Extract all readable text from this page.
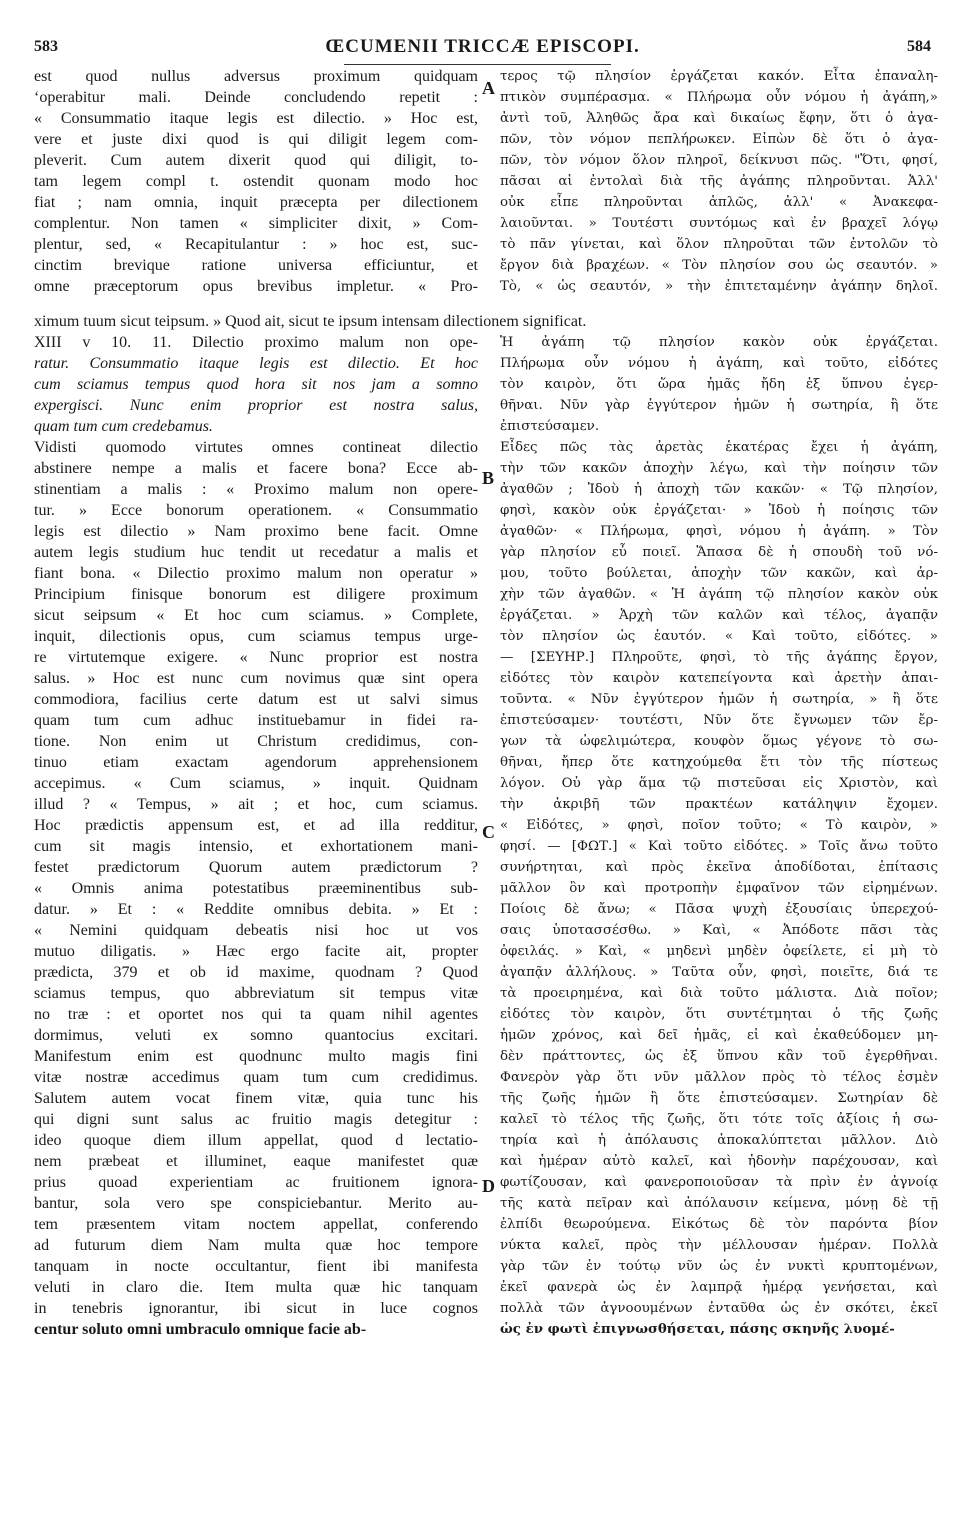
583	ŒCUMENII TRICCÆ EPISCOPI.	584
A
B
C
D
est quod nullus adversus proximum quidquam
‘operabitur mali. Deinde concludendo repetit :
« Consummatio itaque legis est dilectio. » Hoc est,
vere et juste dixi quod is qui diligit legem com-
pleverit. Cum autem dixerit quod qui diligit, to-
tam legem compl t. ostendit quonam modo hoc
fiat ; nam omnia, inquit præcepta per dilectionem
complentur. Non tamen « simpliciter dixit, » Com-
plentur, sed, « Recapitulantur : » hoc est, suc-
cinctim brevique ratione universa efficiuntur, et
omne præceptorum opus brevibus impletur. « Pro-
τερος τῷ πλησίον ἐργάζεται κακόν. Εἶτα ἐπαναλη-
πτικὸν συμπέρασμα. « Πλήρωμα οὖν νόμου ἡ ἀγάπη,»
ἀντὶ τοῦ, Ἀληθῶς ἄρα καὶ δικαίως ἔφην, ὅτι ὁ ἀγα-
πῶν, τὸν νόμον πεπλήρωκεν. Εἰπὼν δὲ ὅτι ὁ ἀγα-
πῶν, τὸν νόμον ὅλον πληροῖ, δείκνυσι πῶς. "Ὅτι, φησί,
πᾶσαι αἱ ἐντολαὶ διὰ τῆς ἀγάπης πληροῦνται. Ἀλλ'
οὐκ εἶπε πληροῦνται ἁπλῶς, ἀλλ' « Ἀνακεφα-
λαιοῦνται. » Τουτέστι συντόμως καὶ ἐν βραχεῖ λόγῳ
τὸ πᾶν γίνεται, καὶ ὅλον πληροῦται τῶν ἐντολῶν τὸ
ἔργον διὰ βραχέων. « Τὸν πλησίον σου ὡς σεαυτόν. »
Τὸ, « ὡς σεαυτόν, » τὴν ἐπιτεταμένην ἀγάπην δηλοῖ.
ximum tuum sicut teipsum. » Quod ait, sicut te ipsum intensam dilectionem significat.
XIII v 10. 11. Dilectio proximo malum non ope-
ratur. Consummatio itaque legis est dilectio. Et hoc
cum sciamus tempus quod hora sit nos jam a somno
expergisci. Nunc enim proprior est nostra salus,
quam tum cum credebamus.
Vidisti quomodo virtutes omnes contineat dilectio
abstinere nempe a malis et facere bona? Ecce ab-
stinentiam a malis : « Proximo malum non opere-
tur. » Ecce bonorum operationem. « Consummatio
legis est dilectio » Nam proximo bene facit. Omne
autem legis studium huc tendit ut recedatur a malis et
fiant bona. « Dilectio proximo malum non operatur »
Principium finisque bonorum est diligere proximum
sicut seipsum « Et hoc cum sciamus. » Complete,
inquit, dilectionis opus, cum sciamus tempus urge-
re virtutemque exigere. « Nunc proprior est nostra
salus. » Hoc est nunc cum novimus quæ sint opera
commodiora, facilius certe datum est ut salvi simus
quam tum cum adhuc instituebamur in fidei ra-
tione. Non enim ut Christum credidimus, con-
tinuo etiam exactam agendorum apprehensionem
accepimus. « Cum sciamus, » inquit. Quidnam
illud ? « Tempus, » ait ; et hoc, cum sciamus.
Hoc prædictis appensum est, et ad illa redditur,
cum sit magis intensio, et exhortationem mani-
festet prædictorum Quorum autem prædictorum ?
« Omnis anima potestatibus præeminentibus sub-
datur. » Et : « Reddite omnibus debita. » Et :
« Nemini quidquam debeatis nisi hoc ut vos
mutuo diligatis. » Hæc ergo facite ait, propter
prædicta, 379 et ob id maxime, quodnam ? Quod
sciamus tempus, quo abbreviatum sit tempus vitæ
no træ : et oportet nos qui ta quam nihil agentes
dormimus, veluti ex somno quantocius excitari.
Manifestum enim est quodnunc multo magis fini
vitæ nostræ accedimus quam tum cum credidimus.
Salutem autem vocat finem vitæ, quia tunc his
qui digni sunt salus ac fruitio magis detegitur :
ideo quoque diem illum appellat, quod d lectatio-
nem præbeat et illuminet, eaque manifestet quæ
prius quoad experientiam ac fruitionem ignora-
bantur, sola vero spe conspiciebantur. Merito au-
tem præsentem vitam noctem appellat, conferendo
ad futurum diem Nam multa quæ hoc tempore
tanquam in nocte occultantur, fient ibi manifesta
veluti in claro die. Item multa quæ hic tanquam
in tenebris ignorantur, ibi sicut in luce cognos
centur soluto omni umbraculo omnique facie ab-
Ἡ ἀγάπη τῷ πλησίον κακὸν οὐκ ἐργάζεται.
Πλήρωμα οὖν νόμου ἡ ἀγάπη, καὶ τοῦτο, εἰδότες
τὸν καιρὸν, ὅτι ὥρα ἡμᾶς ἤδη ἐξ ὕπνου ἐγερ-
θῆναι. Νῦν γὰρ ἐγγύτερον ἡμῶν ἡ σωτηρία, ἢ ὅτε
ἐπιστεύσαμεν.
Εἶδες πῶς τὰς ἀρετὰς ἑκατέρας ἔχει ἡ ἀγάπη,
τὴν τῶν κακῶν ἀποχὴν λέγω, καὶ τὴν ποίησιν τῶν
ἀγαθῶν ; Ἰδοὺ ἡ ἀποχὴ τῶν κακῶν· « Τῷ πλησίον,
φησὶ, κακὸν οὐκ ἐργάζεται· » Ἰδοὺ ἡ ποίησις τῶν
ἀγαθῶν· « Πλήρωμα, φησὶ, νόμου ἡ ἀγάπη. » Τὸν
γὰρ πλησίον εὖ ποιεῖ. Ἅπασα δὲ ἡ σπουδὴ τοῦ νό-
μου, τοῦτο βούλεται, ἀποχὴν τῶν κακῶν, καὶ ἀρ-
χὴν τῶν ἀγαθῶν. « Ἡ ἀγάπη τῷ πλησίον κακὸν οὐκ
ἐργάζεται. » Ἀρχὴ τῶν καλῶν καὶ τέλος, ἀγαπᾷν
τὸν πλησίον ὡς ἑαυτόν. « Καὶ τοῦτο, εἰδότες. »
— [ΣΕΥΗΡ.] Πληροῦτε, φησὶ, τὸ τῆς ἀγάπης ἔργον,
εἰδότες τὸν καιρὸν κατεπείγοντα καὶ ἀρετὴν ἀπαι-
τοῦντα. « Νῦν ἐγγύτερον ἡμῶν ἡ σωτηρία, » ἢ ὅτε
ἐπιστεύσαμεν· τουτέστι, Νῦν ὅτε ἔγνωμεν τῶν ἔρ-
γων τὰ ὠφελιμώτερα, κουφὸν ὅμως γέγονε τὸ σω-
θῆναι, ἤπερ ὅτε κατηχούμεθα ἔτι τὸν τῆς πίστεως
λόγον. Οὐ γὰρ ἅμα τῷ πιστεῦσαι εἰς Χριστὸν, καὶ
τὴν ἀκριβῆ τῶν πρακτέων κατάληψιν ἔχομεν.
« Εἰδότες, » φησὶ, ποῖον τοῦτο; « Τὸ καιρὸν, »
φησί. — [ΦΩΤ.] « Καὶ τοῦτο εἰδότες. » Τοῖς ἄνω τοῦτο
συνήρτηται, καὶ πρὸς ἐκεῖνα ἀποδίδοται, ἐπίτασις
μᾶλλον ὂν καὶ προτροπὴν ἐμφαῖνον τῶν εἰρημένων.
Ποίοις δὲ ἄνω; « Πᾶσα ψυχὴ ἐξουσίαις ὑπερεχού-
σαις ὑποτασσέσθω. » Καὶ, « Ἀπόδοτε πᾶσι τὰς
ὀφειλάς. » Καὶ, « μηδενὶ μηδὲν ὀφείλετε, εἰ μὴ τὸ
ἀγαπᾷν ἀλλήλους. » Ταῦτα οὖν, φησὶ, ποιεῖτε, διά τε
τὰ προειρημένα, καὶ διὰ τοῦτο μάλιστα. Διὰ ποῖον;
εἰδότες τὸν καιρὸν, ὅτι συντέτμηται ὁ τῆς ζωῆς
ἡμῶν χρόνος, καὶ δεῖ ἡμᾶς, εἰ καὶ ἐκαθεύδομεν μη-
δὲν πράττοντες, ὡς ἐξ ὕπνου κἂν τοῦ ἐγερθῆναι.
Φανερὸν γὰρ ὅτι νῦν μᾶλλον πρὸς τὸ τέλος ἐσμὲν
τῆς ζωῆς ἡμῶν ἢ ὅτε ἐπιστεύσαμεν. Σωτηρίαν δὲ
καλεῖ τὸ τέλος τῆς ζωῆς, ὅτι τότε τοῖς ἀξίοις ἡ σω-
τηρία καὶ ἡ ἀπόλαυσις ἀποκαλύπτεται μᾶλλον. Διὸ
καὶ ἡμέραν αὐτὸ καλεῖ, καὶ ἡδονὴν παρέχουσαν, καὶ
φωτίζουσαν, καὶ φανεροποιοῦσαν τὰ πρὶν ἐν ἀγνοίᾳ
τῆς κατὰ πεῖραν καὶ ἀπόλαυσιν κείμενα, μόνῃ δὲ τῇ
ἐλπίδι θεωρούμενα. Εἰκότως δὲ τὸν παρόντα βίον
νύκτα καλεῖ, πρὸς τὴν μέλλουσαν ἡμέραν. Πολλὰ
γὰρ τῶν ἐν τούτῳ νῦν ὡς ἐν νυκτὶ κρυπτομένων,
ἐκεῖ φανερὰ ὡς ἐν λαμπρᾷ ἡμέρᾳ γενήσεται, καὶ
πολλὰ τῶν ἀγνοουμένων ἐνταῦθα ὡς ἐν σκότει, ἐκεῖ
ὡς ἐν φωτὶ ἐπιγνωσθήσεται, πάσης σκηνῆς λυομέ-
